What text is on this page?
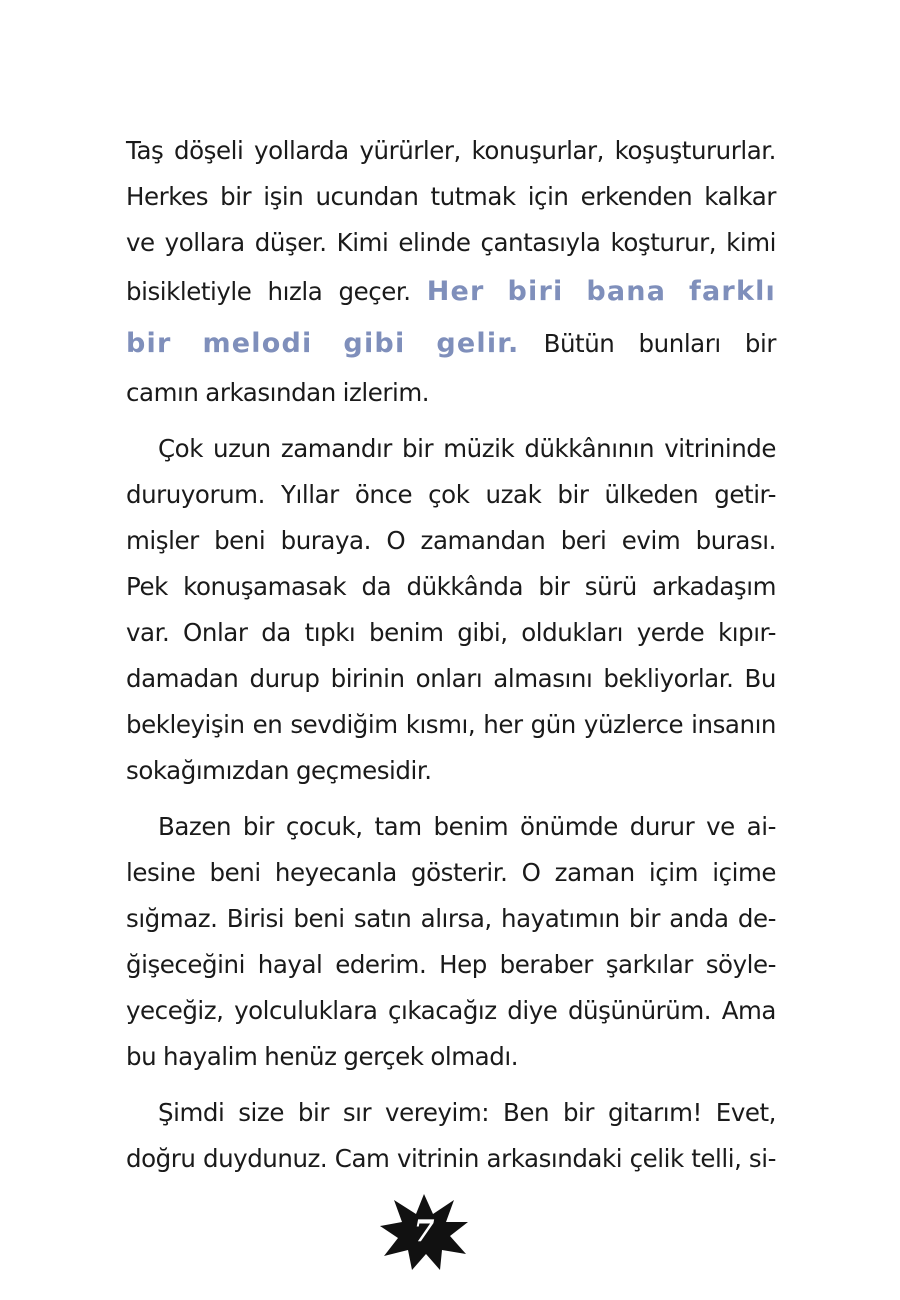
Taş döşeli yollarda yürürler, konuşurlar, koşuştururlar.
Herkes bir işin ucundan tutmak için erkenden kalkar
ve yollara düşer. Kimi elinde çantasıyla koşturur, kimi
bisikletiyle hızla geçer. Her biri bana farklı
bir melodi gibi gelir. Bütün bunları bir
camın arkasından izlerim.
Çok uzun zamandır bir müzik dükkânının vitrininde
duruyorum. Yıllar önce çok uzak bir ülkeden getir-
mişler beni buraya. O zamandan beri evim burası.
Pek konuşamasak da dükkânda bir sürü arkadaşım
var. Onlar da tıpkı benim gibi, oldukları yerde kıpır-
damadan durup birinin onları almasını bekliyorlar. Bu
bekleyişin en sevdiğim kısmı, her gün yüzlerce insanın
sokağımızdan geçmesidir.
Bazen bir çocuk, tam benim önümde durur ve ai-
lesine beni heyecanla gösterir. O zaman içim içime
sığmaz. Birisi beni satın alırsa, hayatımın bir anda de-
ğişeceğini hayal ederim. Hep beraber şarkılar söyle-
yeceğiz, yolculuklara çıkacağız diye düşünürüm. Ama
bu hayalim henüz gerçek olmadı.
Şimdi size bir sır vereyim: Ben bir gitarım! Evet,
doğru duydunuz. Cam vitrinin arkasındaki çelik telli, si-
7
